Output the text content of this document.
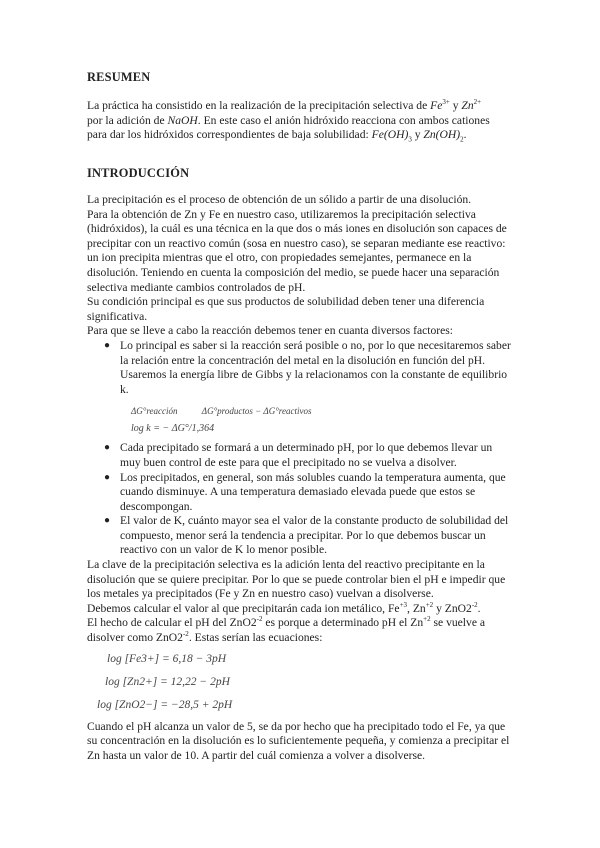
RESUMEN

La práctica ha consistido en la realización de la precipitación selectiva de $Fe^{3+}$ y $Zn^{2+}$
por la adición de NaOH. En este caso el anión hidróxido reacciona con ambos cationes
para dar los hidróxidos correspondientes de baja solubilidad: $Fe(OH)_3$ y $Zn(OH)_2$.

INTRODUCCIÓN

La precipitación es el proceso de obtención de un sólido a partir de una disolución.

Para la obtención de Zn y Fe en nuestro caso, utilizaremos la precipitación selectiva (hidróxidos), la cuál es una técnica en la que dos o más iones en disolución son capaces de precipitar con un reactivo común (sosa en nuestro caso), se separan mediante ese reactivo: un ion precipita mientras que el otro, con propiedades semejantes, permanece en la disolución. Teniendo en cuenta la composición del medio, se puede hacer una separación selectiva mediante cambios controlados de pH.

Su condición principal es que sus productos de solubilidad deben tener una diferencia significativa.

Para que se lleve a cabo la reacción debemos tener en cuanta diversos factores:

● Lo principal es saber si la reacción será posible o no, por lo que necesitaremos saber la relación entre la concentración del metal en la disolución en función del pH. Usaremos la energía libre de Gibbs y la relacionamos con la constante de equilibrio k.
ΔG°reacción	ΔG°productos − ΔG°reactivos
log k = − ΔG°/1,364
● Cada precipitado se formará a un determinado pH, por lo que debemos llevar un muy buen control de este para que el precipitado no se vuelva a disolver.
● Los precipitados, en general, son más solubles cuando la temperatura aumenta, que cuando disminuye. A una temperatura demasiado elevada puede que estos se descompongan.
● El valor de K, cuánto mayor sea el valor de la constante producto de solubilidad del compuesto, menor será la tendencia a precipitar. Por lo que debemos buscar un reactivo con un valor de K lo menor posible.

La clave de la precipitación selectiva es la adición lenta del reactivo precipitante en la disolución que se quiere precipitar. Por lo que se puede controlar bien el pH e impedir que los metales ya precipitados (Fe y Zn en nuestro caso) vuelvan a disolverse.

Debemos calcular el valor al que precipitarán cada ion metálico, $Fe^{+3}$, $Zn^{+2}$ y $ZnO2^{-2}$.

El hecho de calcular el pH del $ZnO2^{-2}$ es porque a determinado pH el $Zn^{+2}$ se vuelve a disolver como $ZnO2^{-2}$. Estas serían las ecuaciones:

log [Fe3+] = 6,18 − 3pH
log [Zn2+] = 12,22 − 2pH
log [ZnO2−] = −28,5 + 2pH

Cuando el pH alcanza un valor de 5, se da por hecho que ha precipitado todo el Fe, ya que su concentración en la disolución es lo suficientemente pequeña, y comienza a precipitar el Zn hasta un valor de 10. A partir del cuál comienza a volver a disolverse.
